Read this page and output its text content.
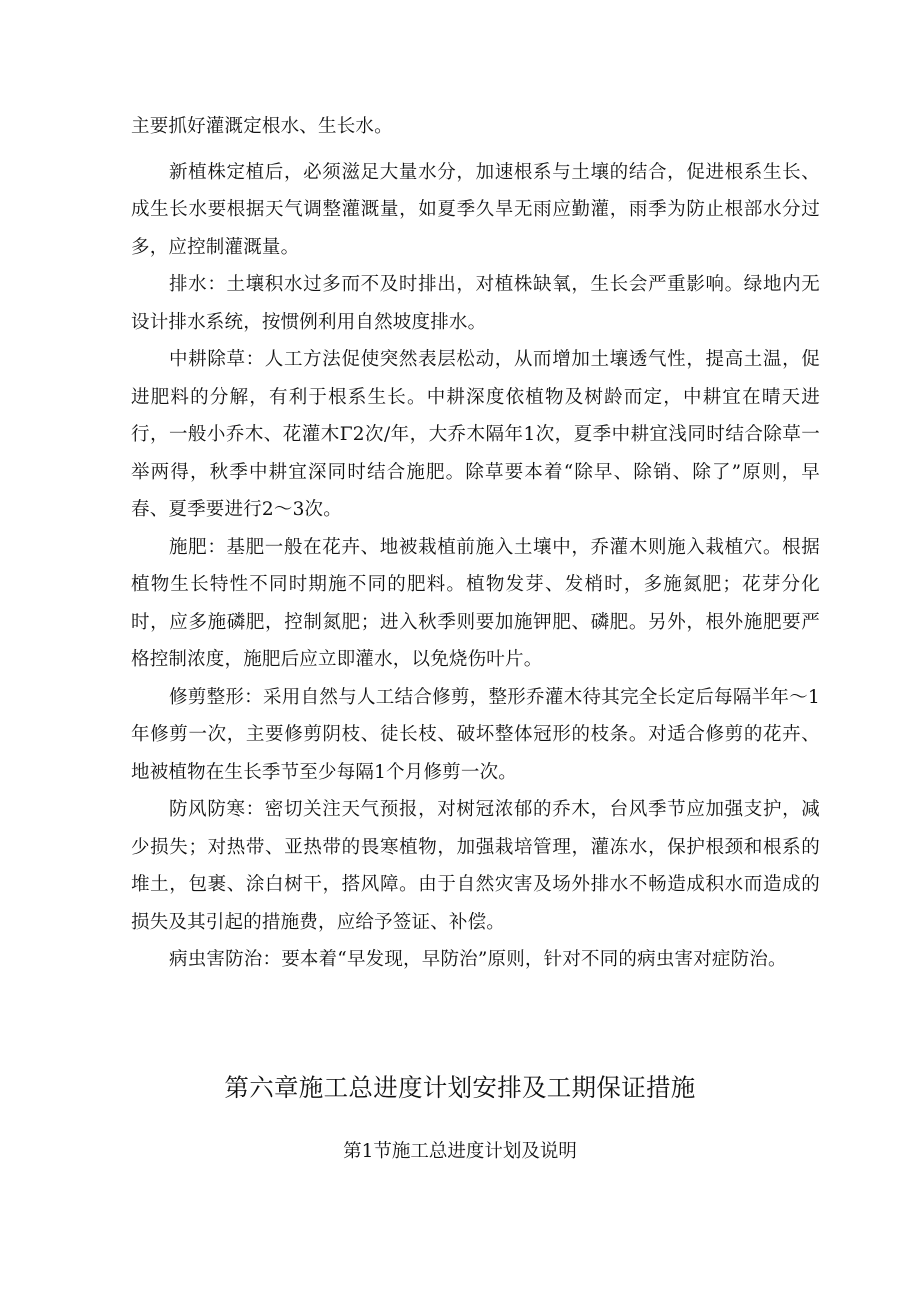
主要抓好灌溉定根水、生长水。

新植株定植后，必须滋足大量水分，加速根系与土壤的结合，促进根系生长、成生长水要根据天气调整灌溉量，如夏季久旱无雨应勤灌，雨季为防止根部水分过多，应控制灌溉量。

排水：土壤积水过多而不及时排出，对植株缺氧，生长会严重影响。绿地内无设计排水系统，按惯例利用自然坡度排水。

中耕除草：人工方法促使突然表层松动，从而增加土壤透气性，提高土温，促进肥料的分解，有利于根系生长。中耕深度依植物及树龄而定，中耕宜在晴天进行，一般小乔木、花灌木Γ2次/年，大乔木隔年1次，夏季中耕宜浅同时结合除草一举两得，秋季中耕宜深同时结合施肥。除草要本着“除早、除销、除了”原则，早春、夏季要进行2～3次。

施肥：基肥一般在花卉、地被栽植前施入土壤中，乔灌木则施入栽植穴。根据植物生长特性不同时期施不同的肥料。植物发芽、发梢时，多施氮肥；花芽分化时，应多施磷肥，控制氮肥；进入秋季则要加施钾肥、磷肥。另外，根外施肥要严格控制浓度，施肥后应立即灌水，以免烧伤叶片。

修剪整形：采用自然与人工结合修剪，整形乔灌木待其完全长定后每隔半年～1年修剪一次，主要修剪阴枝、徒长枝、破坏整体冠形的枝条。对适合修剪的花卉、地被植物在生长季节至少每隔1个月修剪一次。

防风防寒：密切关注天气预报，对树冠浓郁的乔木，台风季节应加强支护，减少损失；对热带、亚热带的畏寒植物，加强栽培管理，灌冻水，保护根颈和根系的堆土，包裹、涂白树干，搭风障。由于自然灾害及场外排水不畅造成积水而造成的损失及其引起的措施费，应给予签证、补偿。

病虫害防治：要本着“早发现，早防治”原则，针对不同的病虫害对症防治。

第六章施工总进度计划安排及工期保证措施
第1节施工总进度计划及说明
